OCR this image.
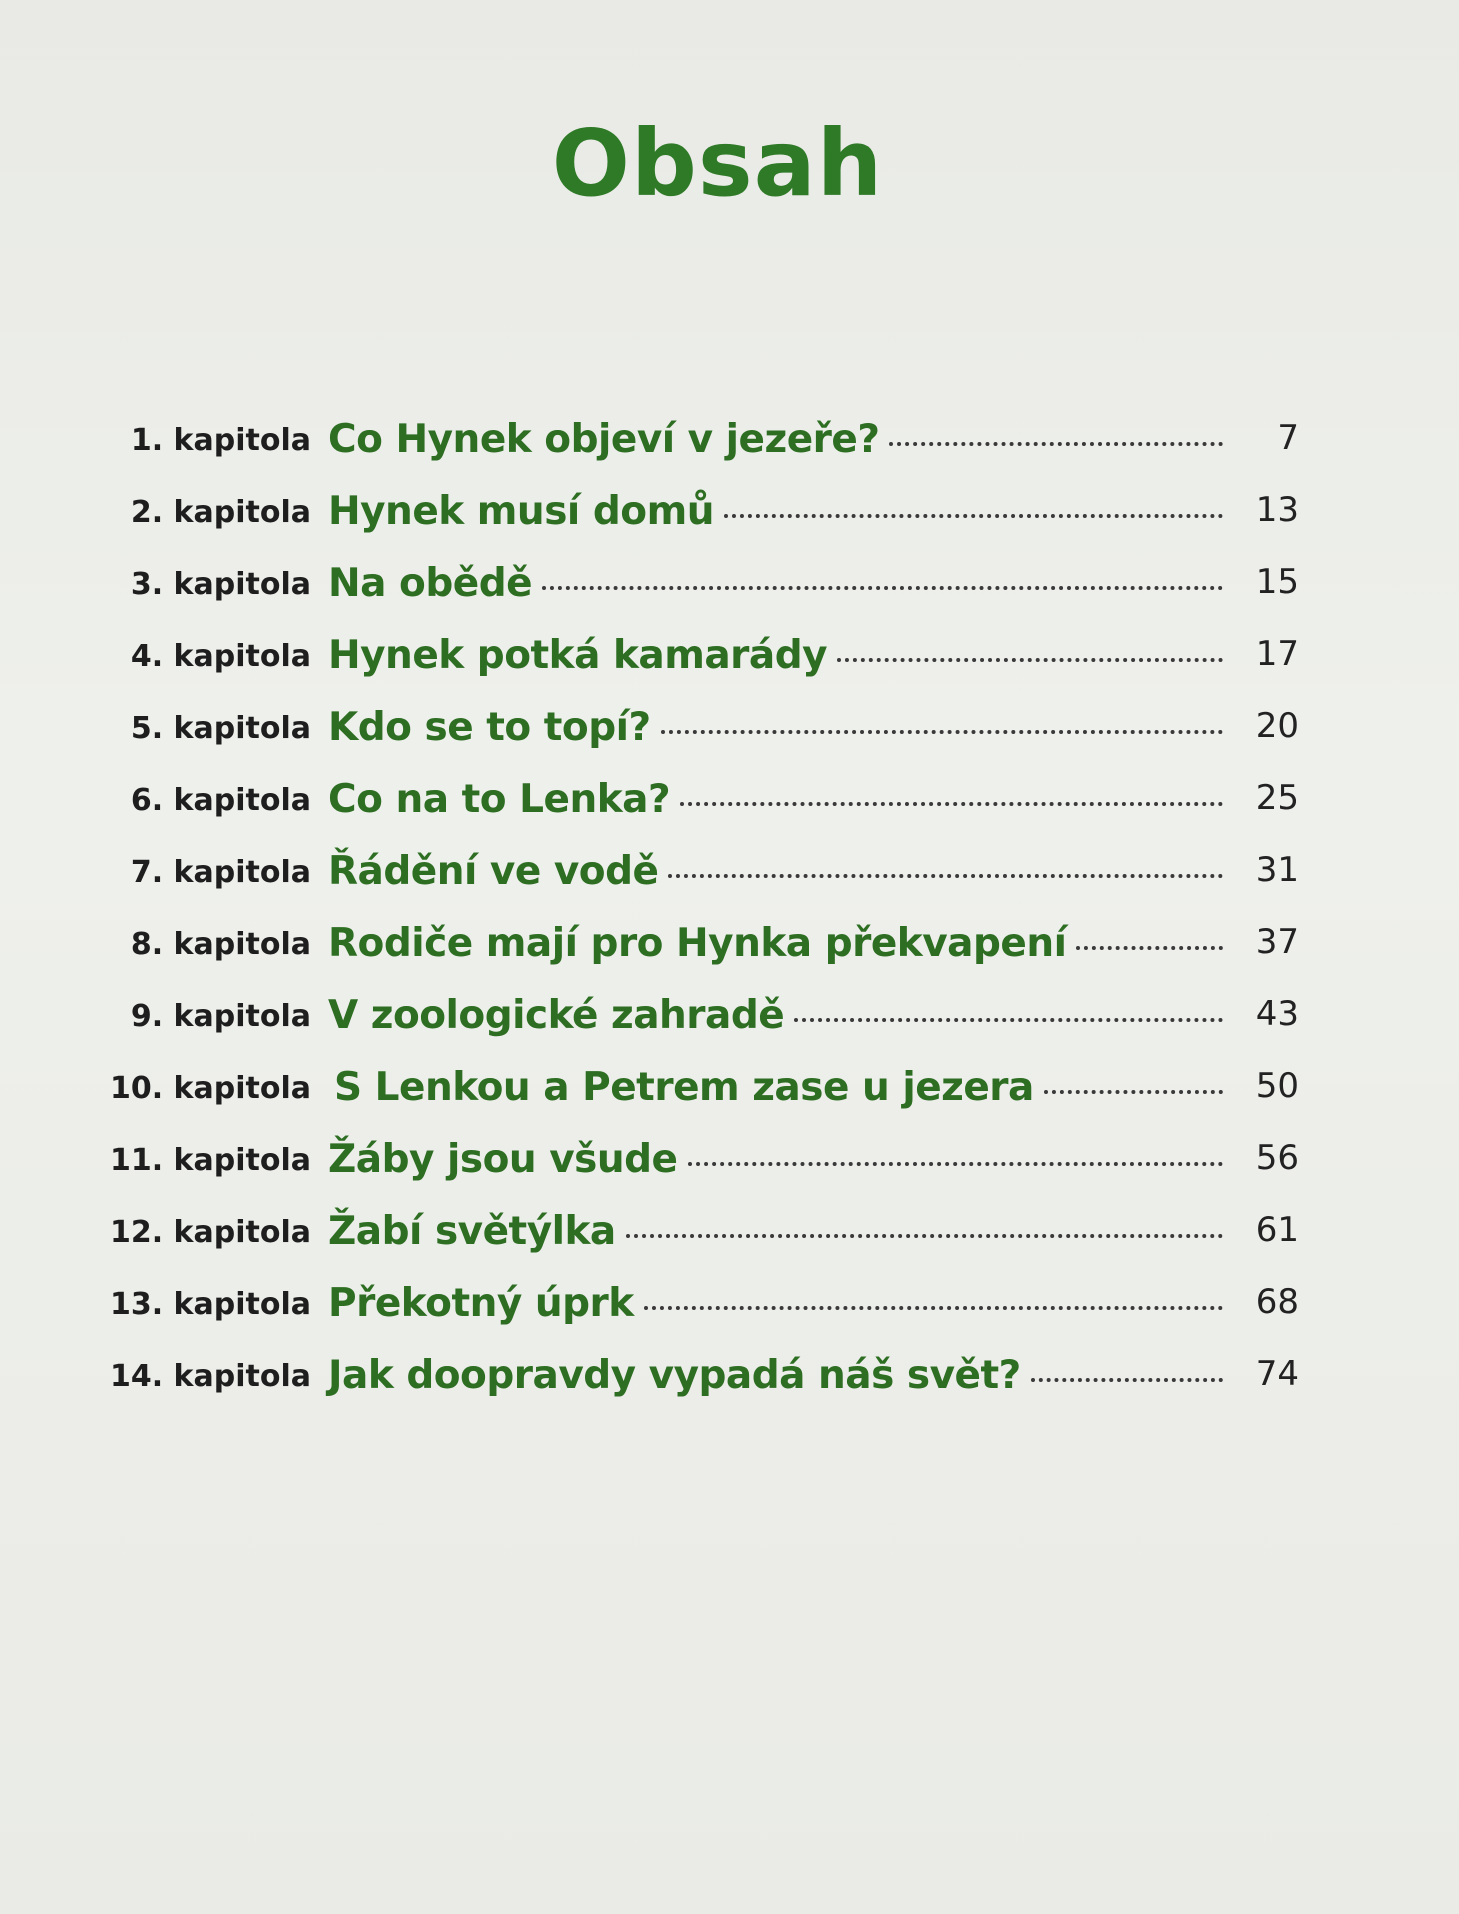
Obsah
1. kapitola Co Hynek objeví v jezeře?	7
2. kapitola Hynek musí domů	13
3. kapitola Na obědě	15
4. kapitola Hynek potká kamarády	17
5. kapitola Kdo se to topí?	20
6. kapitola Co na to Lenka?	25
7. kapitola Řádění ve vodě	31
8. kapitola Rodiče mají pro Hynka překvapení	37
9. kapitola V zoologické zahradě	43
10. kapitola S Lenkou a Petrem zase u jezera	50
11. kapitola Žáby jsou všude	56
12. kapitola Žabí světýlka	61
13. kapitola Překotný úprk	68
14. kapitola Jak doopravdy vypadá náš svět?	74
